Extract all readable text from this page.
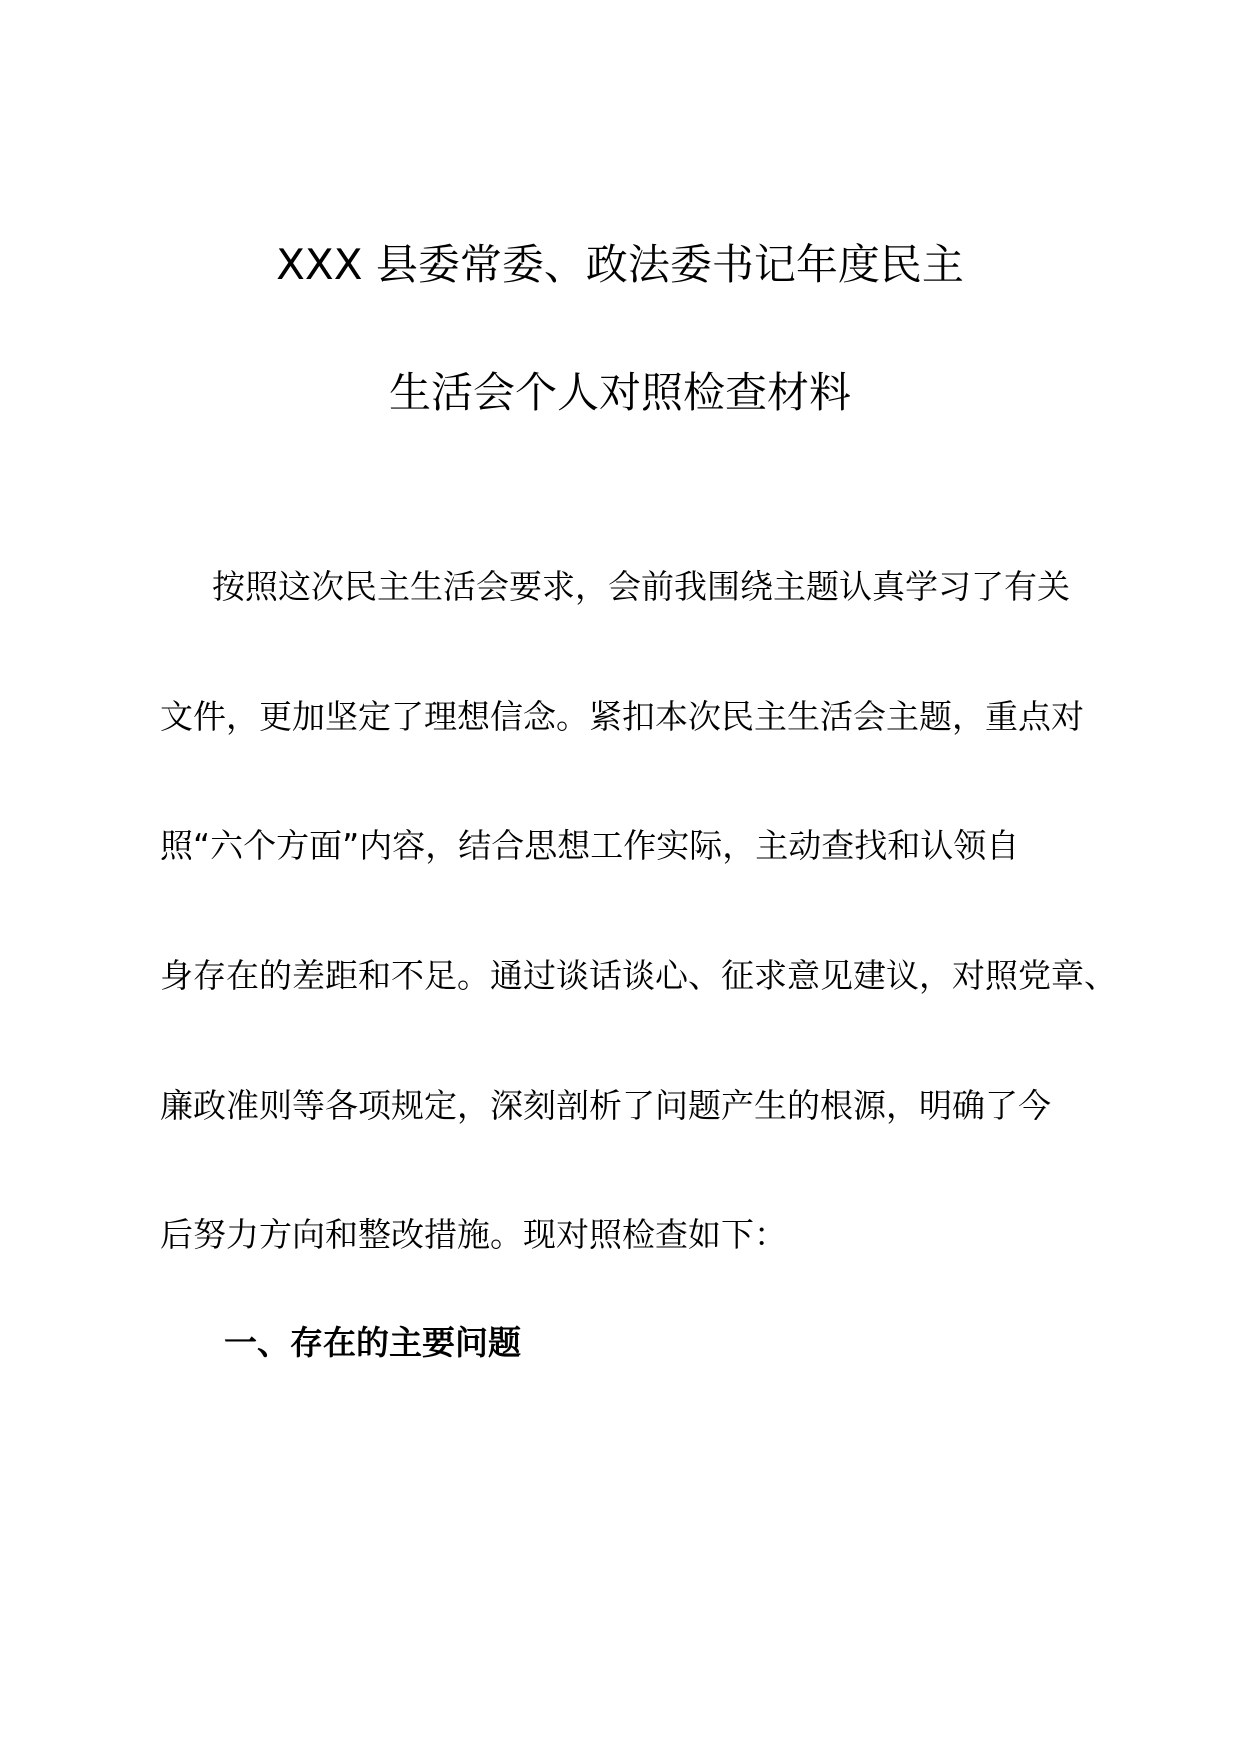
XXX 县委常委、政法委书记年度民主
生活会个人对照检查材料
按照这次民主生活会要求，会前我围绕主题认真学习了有关
文件，更加坚定了理想信念。紧扣本次民主生活会主题，重点对
照“六个方面”内容，结合思想工作实际，主动查找和认领自
身存在的差距和不足。通过谈话谈心、征求意见建议，对照党章、
廉政准则等各项规定，深刻剖析了问题产生的根源，明确了今
后努力方向和整改措施。现对照检查如下：
一、存在的主要问题
